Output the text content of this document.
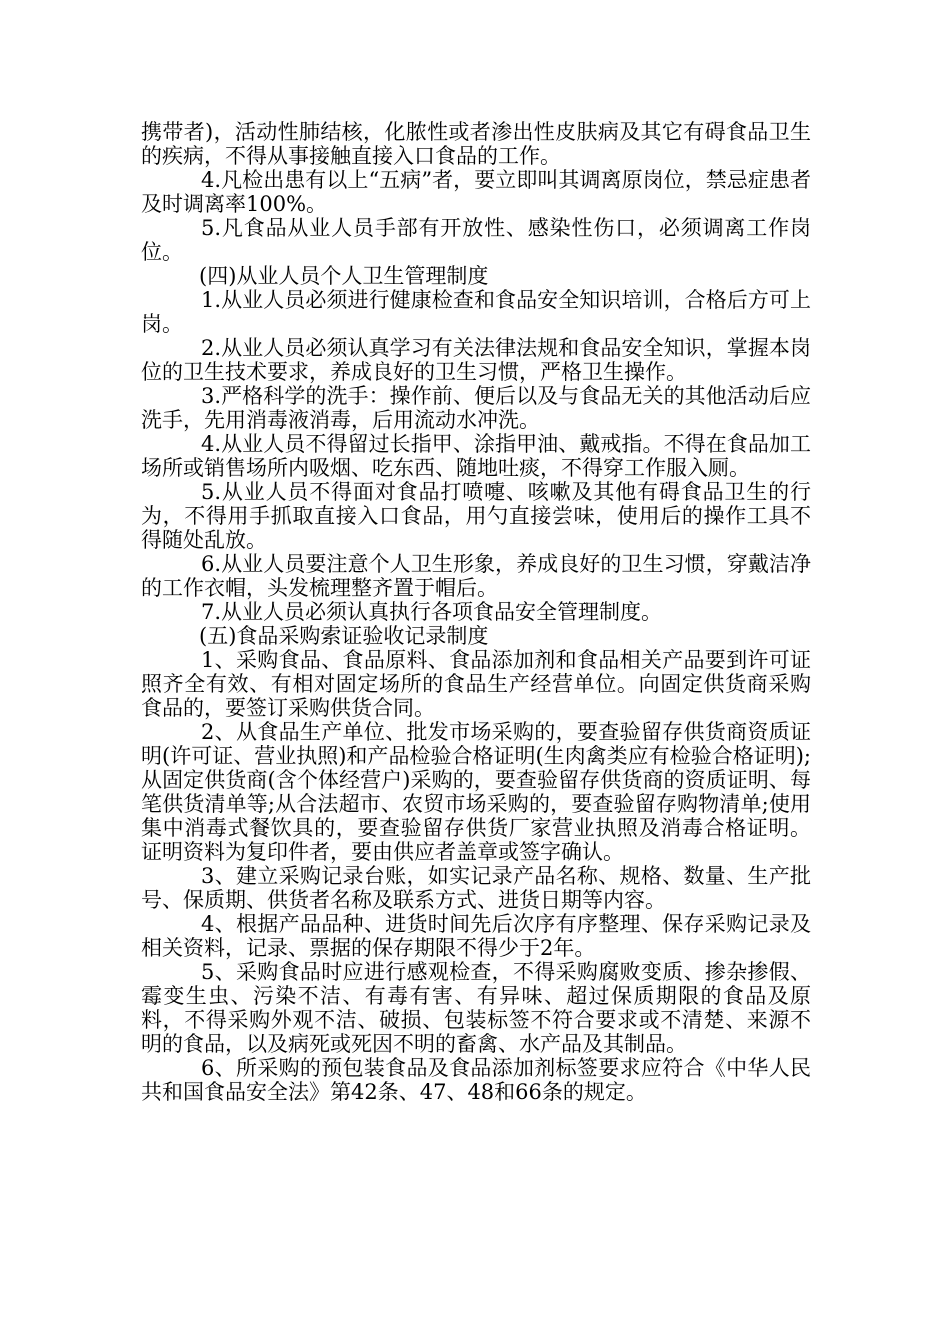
携带者)，活动性肺结核，化脓性或者渗出性皮肤病及其它有碍食品卫生的疾病，不得从事接触直接入口食品的工作。

4.凡检出患有以上“五病”者，要立即叫其调离原岗位，禁忌症患者及时调离率100%。

5.凡食品从业人员手部有开放性、感染性伤口，必须调离工作岗位。

(四)从业人员个人卫生管理制度

1.从业人员必须进行健康检查和食品安全知识培训，合格后方可上岗。

2.从业人员必须认真学习有关法律法规和食品安全知识，掌握本岗位的卫生技术要求，养成良好的卫生习惯，严格卫生操作。

3.严格科学的洗手：操作前、便后以及与食品无关的其他活动后应洗手，先用消毒液消毒，后用流动水冲洗。

4.从业人员不得留过长指甲、涂指甲油、戴戒指。不得在食品加工场所或销售场所内吸烟、吃东西、随地吐痰，不得穿工作服入厕。

5.从业人员不得面对食品打喷嚏、咳嗽及其他有碍食品卫生的行为，不得用手抓取直接入口食品，用勺直接尝味，使用后的操作工具不得随处乱放。

6.从业人员要注意个人卫生形象，养成良好的卫生习惯，穿戴洁净的工作衣帽，头发梳理整齐置于帽后。

7.从业人员必须认真执行各项食品安全管理制度。

(五)食品采购索证验收记录制度

1、采购食品、食品原料、食品添加剂和食品相关产品要到许可证照齐全有效、有相对固定场所的食品生产经营单位。向固定供货商采购食品的，要签订采购供货合同。

2、从食品生产单位、批发市场采购的，要查验留存供货商资质证明(许可证、营业执照)和产品检验合格证明(生肉禽类应有检验合格证明);从固定供货商(含个体经营户)采购的，要查验留存供货商的资质证明、每笔供货清单等;从合法超市、农贸市场采购的，要查验留存购物清单;使用集中消毒式餐饮具的，要查验留存供货厂家营业执照及消毒合格证明。证明资料为复印件者，要由供应者盖章或签字确认。

3、建立采购记录台账，如实记录产品名称、规格、数量、生产批号、保质期、供货者名称及联系方式、进货日期等内容。

4、根据产品品种、进货时间先后次序有序整理、保存采购记录及相关资料，记录、票据的保存期限不得少于2年。

5、采购食品时应进行感观检查，不得采购腐败变质、掺杂掺假、霉变生虫、污染不洁、有毒有害、有异味、超过保质期限的食品及原料，不得采购外观不洁、破损、包装标签不符合要求或不清楚、来源不明的食品，以及病死或死因不明的畜禽、水产品及其制品。

6、所采购的预包装食品及食品添加剂标签要求应符合《中华人民共和国食品安全法》第42条、47、48和66条的规定。
